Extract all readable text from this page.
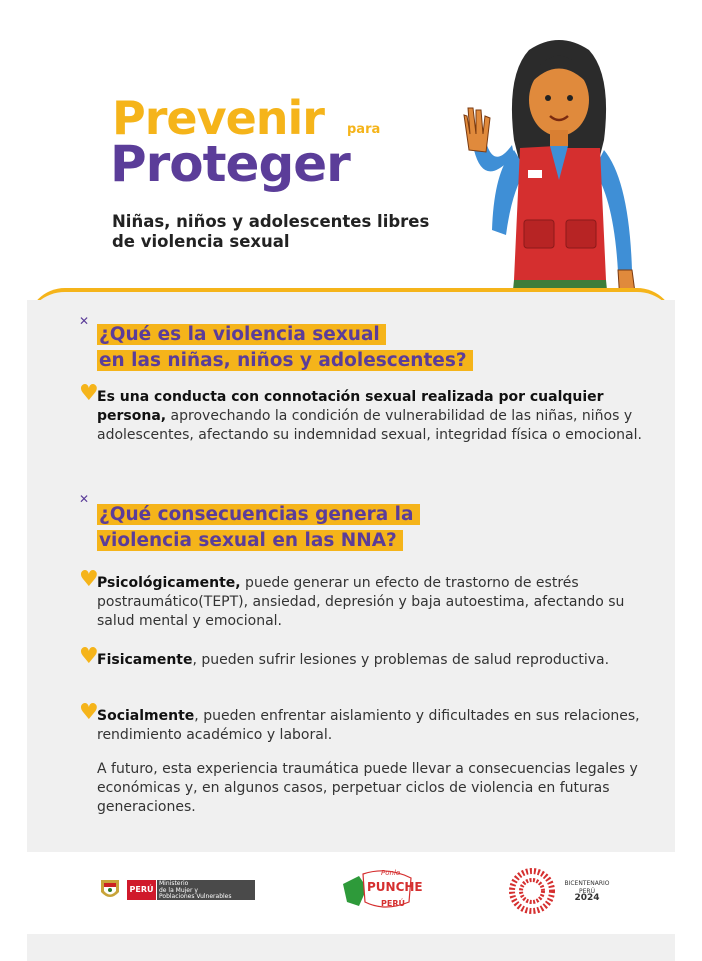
Prevenir para
Proteger
Niñas, niños y adolescentes libres de violencia sexual
✕
¿Qué es la violencia sexual
en las niñas, niños y adolescentes?
♥
Es una conducta con connotación sexual realizada por cualquier persona, aprovechando la condición de vulnerabilidad de las niñas, niños y adolescentes, afectando su indemnidad sexual, integridad física o emocional.
✕
¿Qué consecuencias genera la
violencia sexual en las NNA?
♥
Psicológicamente, puede generar un efecto de trastorno de estrés postraumático(TEPT), ansiedad, depresión y baja autoestima, afectando su salud mental y emocional.
♥
Fisicamente, pueden sufrir lesiones y problemas de salud reproductiva.
♥
Socialmente, pueden enfrentar aislamiento y dificultades en sus relaciones, rendimiento académico y laboral.
A futuro, esta experiencia traumática puede llevar a consecuencias legales y económicas y, en algunos casos, perpetuar ciclos de violencia en futuras generaciones.
PERÚ
Ministerio
de la Mujer y
Poblaciones Vulnerables
Ponle
PUNCHE
PERÚ
BICENTENARIO
PERÚ
2024
